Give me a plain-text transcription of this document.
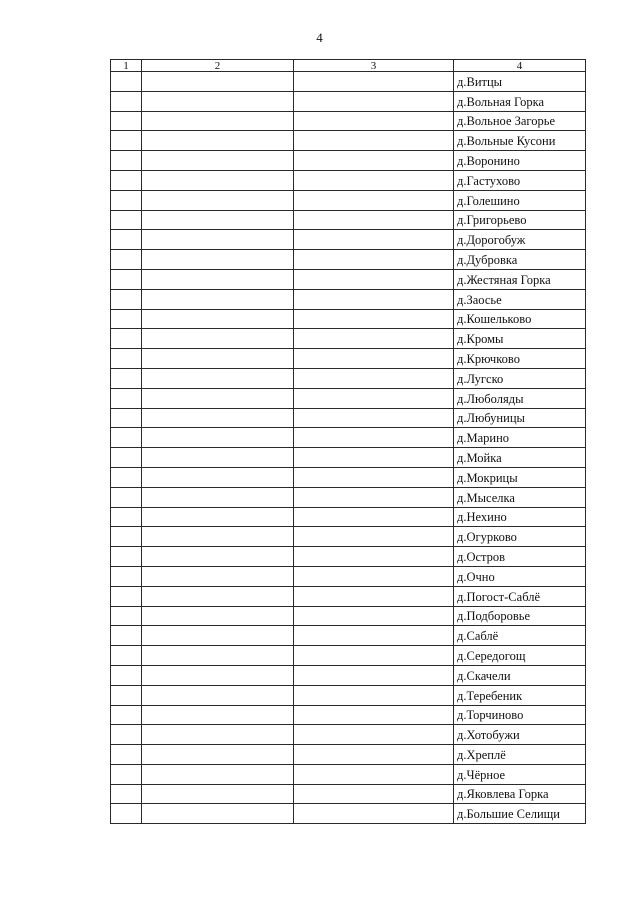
4
1	2	3	4
			д.Витцы
			д.Вольная Горка
			д.Вольное Загорье
			д.Вольные Кусони
			д.Воронино
			д.Гастухово
			д.Голешино
			д.Григорьево
			д.Дорогобуж
			д.Дубровка
			д.Жестяная Горка
			д.Заосье
			д.Кошельково
			д.Кромы
			д.Крючково
			д.Лугско
			д.Люболяды
			д.Любуницы
			д.Марино
			д.Мойка
			д.Мокрицы
			д.Мыселка
			д.Нехино
			д.Огурково
			д.Остров
			д.Очно
			д.Погост-Саблё
			д.Подборовье
			д.Саблё
			д.Середогощ
			д.Скачели
			д.Теребеник
			д.Торчиново
			д.Хотобужи
			д.Хреплё
			д.Чёрное
			д.Яковлева Горка
			д.Большие Селищи
